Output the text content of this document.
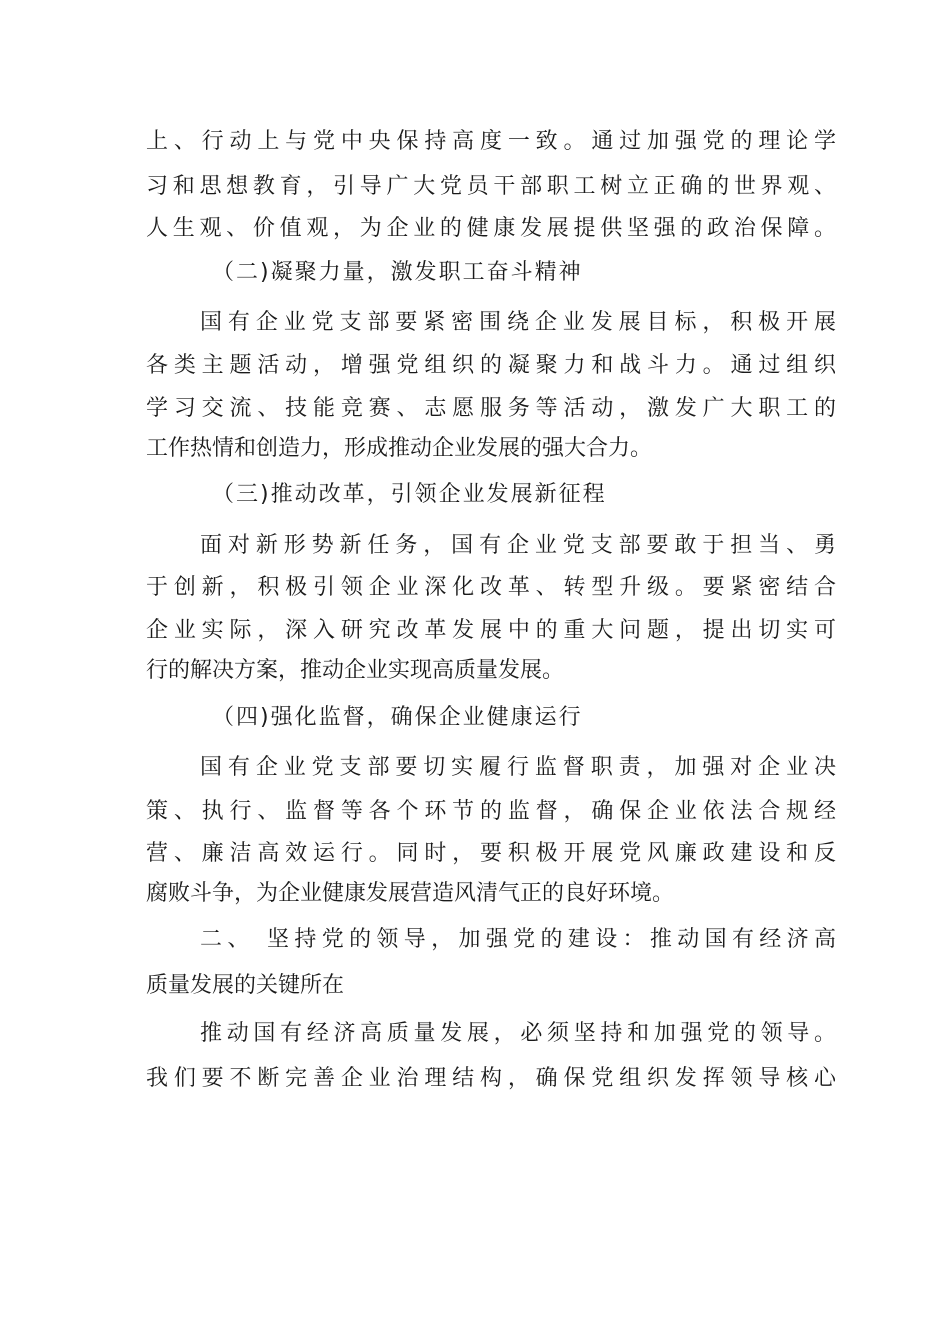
上、行动上与党中央保持高度一致。通过加强党的理论学
习和思想教育，引导广大党员干部职工树立正确的世界观、
人生观、价值观，为企业的健康发展提供坚强的政治保障。
（二)凝聚力量，激发职工奋斗精神
国有企业党支部要紧密围绕企业发展目标，积极开展
各类主题活动，增强党组织的凝聚力和战斗力。通过组织
学习交流、技能竞赛、志愿服务等活动，激发广大职工的
工作热情和创造力，形成推动企业发展的强大合力。
（三)推动改革，引领企业发展新征程
面对新形势新任务，国有企业党支部要敢于担当、勇
于创新，积极引领企业深化改革、转型升级。要紧密结合
企业实际，深入研究改革发展中的重大问题，提出切实可
行的解决方案，推动企业实现高质量发展。
（四)强化监督，确保企业健康运行
国有企业党支部要切实履行监督职责，加强对企业决
策、执行、监督等各个环节的监督，确保企业依法合规经
营、廉洁高效运行。同时，要积极开展党风廉政建设和反
腐败斗争，为企业健康发展营造风清气正的良好环境。
二、 坚持党的领导，加强党的建设：推动国有经济高
质量发展的关键所在
推动国有经济高质量发展，必须坚持和加强党的领导。
我们要不断完善企业治理结构，确保党组织发挥领导核心
